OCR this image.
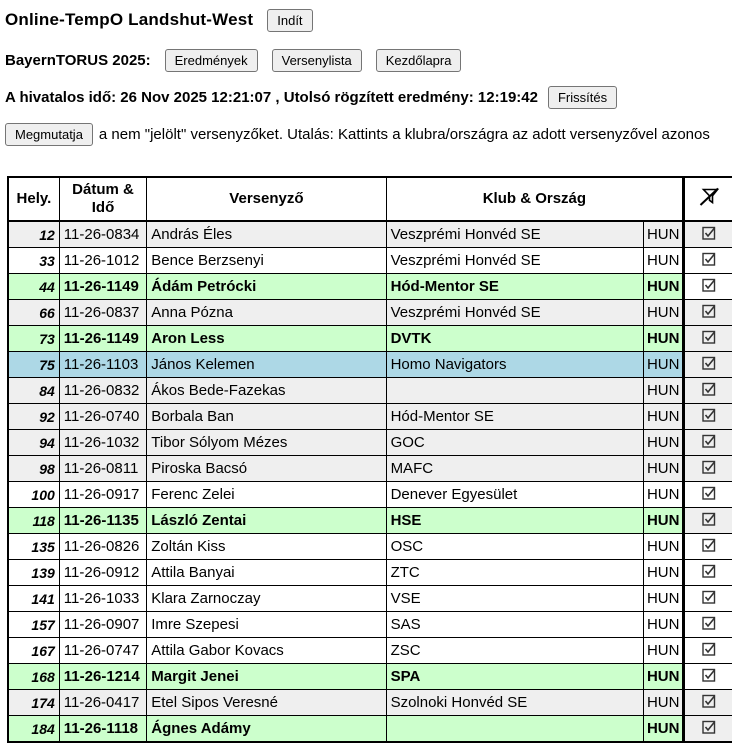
Online-TempO Landshut-West	Indít
BayernTORUS 2025:	Eredmények	Versenylista	Kezdőlapra
A hivatalos idő: 26 Nov 2025 12:21:07 , Utolsó rögzített eredmény: 12:19:42	Frissítés
Megmutatja	a nem "jelölt" versenyzőket. Utalás: Kattints a klubra/országra az adott versenyzővel azonos
Hely.	Dátum & Idő	Versenyző	Klub & Ország	
12	11-26-0834	András Éles	Veszprémi Honvéd SE	HUN	
33	11-26-1012	Bence Berzsenyi	Veszprémi Honvéd SE	HUN	
44	11-26-1149	Ádám Petrócki	Hód-Mentor SE	HUN	
66	11-26-0837	Anna Pózna	Veszprémi Honvéd SE	HUN	
73	11-26-1149	Aron Less	DVTK	HUN	
75	11-26-1103	János Kelemen	Homo Navigators	HUN	
84	11-26-0832	Ákos Bede-Fazekas		HUN	
92	11-26-0740	Borbala Ban	Hód-Mentor SE	HUN	
94	11-26-1032	Tibor Sólyom Mézes	GOC	HUN	
98	11-26-0811	Piroska Bacsó	MAFC	HUN	
100	11-26-0917	Ferenc Zelei	Denever Egyesület	HUN	
118	11-26-1135	László Zentai	HSE	HUN	
135	11-26-0826	Zoltán Kiss	OSC	HUN	
139	11-26-0912	Attila Banyai	ZTC	HUN	
141	11-26-1033	Klara Zarnoczay	VSE	HUN	
157	11-26-0907	Imre Szepesi	SAS	HUN	
167	11-26-0747	Attila Gabor Kovacs	ZSC	HUN	
168	11-26-1214	Margit Jenei	SPA	HUN	
174	11-26-0417	Etel Sipos Veresné	Szolnoki Honvéd SE	HUN	
184	11-26-1118	Ágnes Adámy		HUN	
